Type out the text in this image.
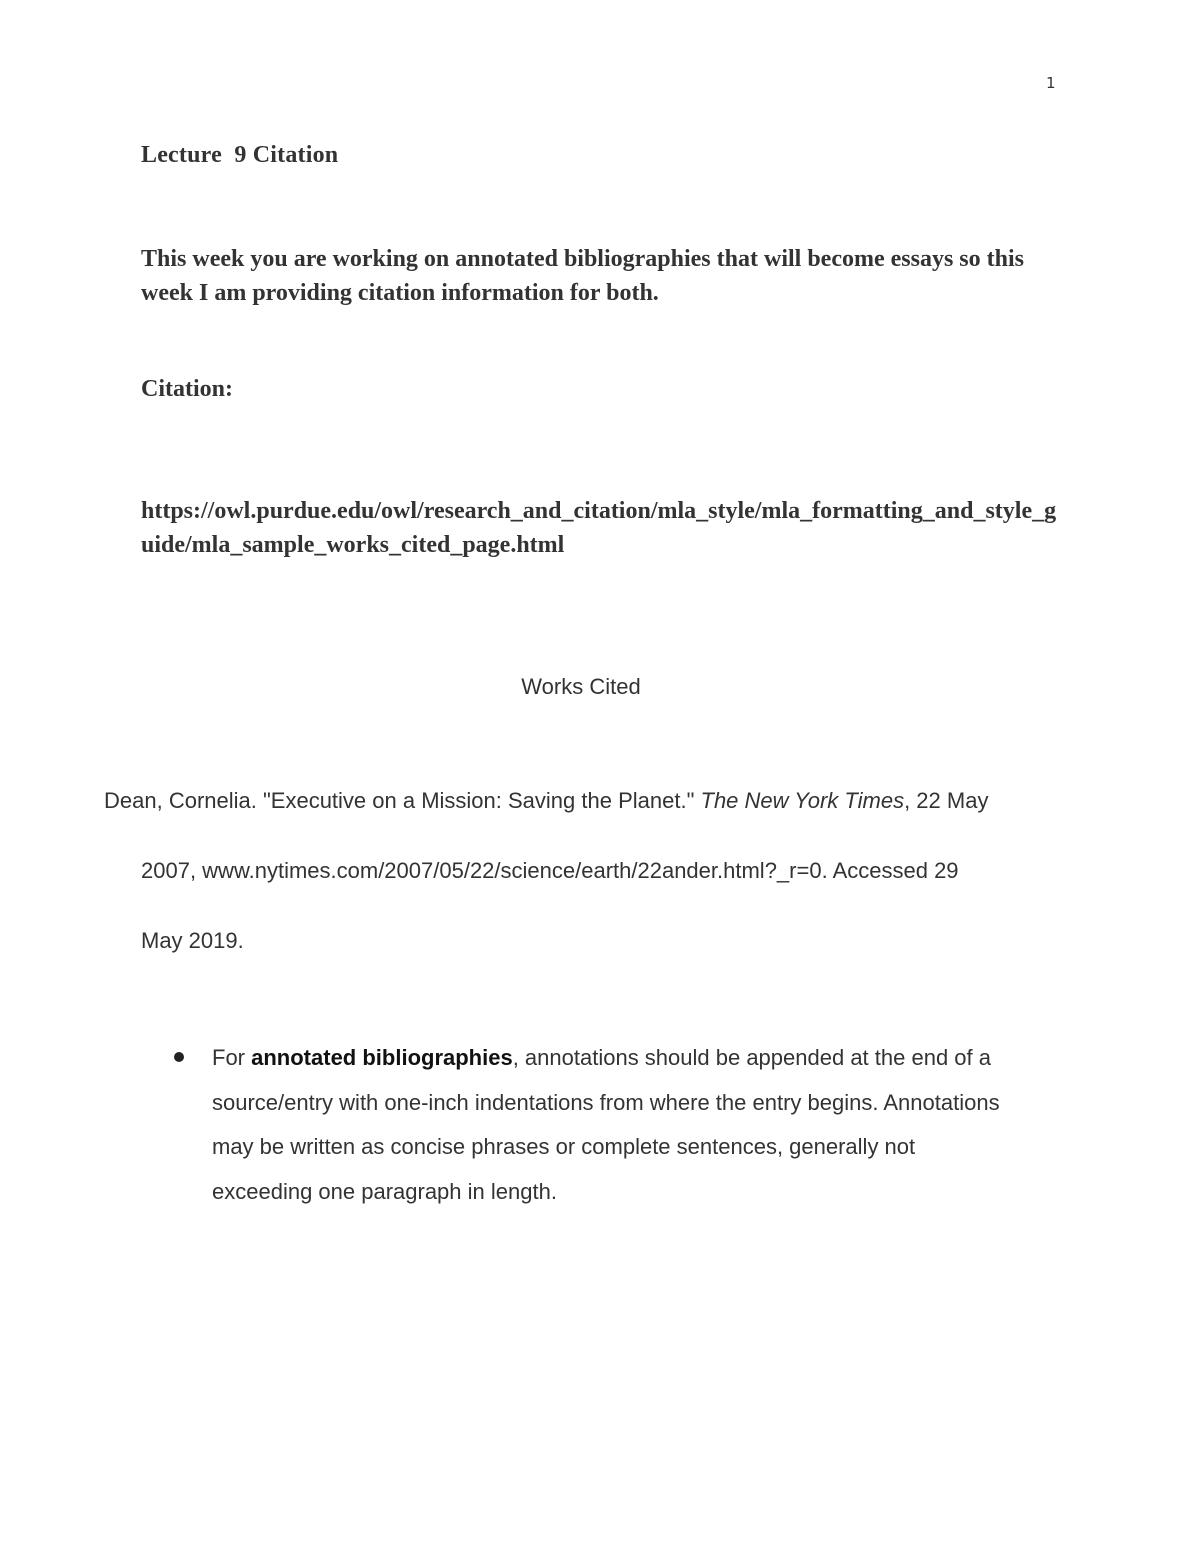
1
Lecture  9 Citation

This week you are working on annotated bibliographies that will become essays so this week I am providing citation information for both.

Citation:

https://owl.purdue.edu/owl/research_and_citation/mla_style/mla_formatting_and_style_guide/mla_sample_works_cited_page.html

Works Cited

Dean, Cornelia. "Executive on a Mission: Saving the Planet." The New York Times, 22 May
2007, www.nytimes.com/2007/05/22/science/earth/22ander.html?_r=0. Accessed 29
May 2019.

For annotated bibliographies, annotations should be appended at the end of a
source/entry with one-inch indentations from where the entry begins. Annotations
may be written as concise phrases or complete sentences, generally not
exceeding one paragraph in length.
